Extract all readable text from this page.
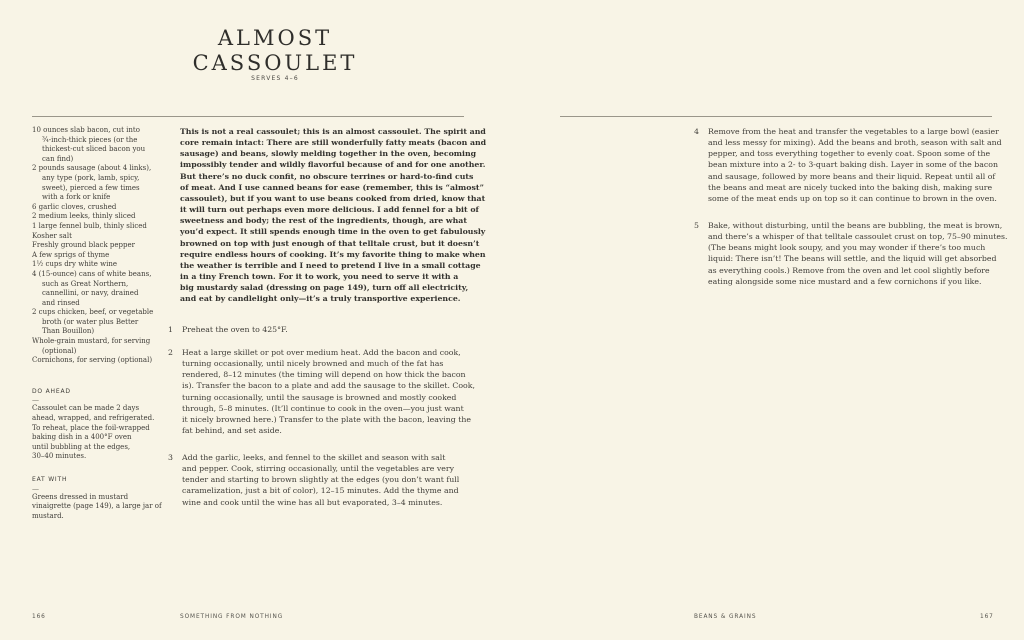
ALMOST
CASSOULET
SERVES 4–6
10 ounces slab bacon, cut into
¾-inch-thick pieces (or the
thickest-cut sliced bacon you
can find)
2 pounds sausage (about 4 links),
any type (pork, lamb, spicy,
sweet), pierced a few times
with a fork or knife
6 garlic cloves, crushed
2 medium leeks, thinly sliced
1 large fennel bulb, thinly sliced
Kosher salt
Freshly ground black pepper
A few sprigs of thyme
1½ cups dry white wine
4 (15-ounce) cans of white beans,
such as Great Northern,
cannellini, or navy, drained
and rinsed
2 cups chicken, beef, or vegetable
broth (or water plus Better
Than Bouillon)
Whole-grain mustard, for serving
(optional)
Cornichons, for serving (optional)
DO AHEAD
—
Cassoulet can be made 2 days
ahead, wrapped, and refrigerated.
To reheat, place the foil-wrapped
baking dish in a 400°F oven
until bubbling at the edges,
30–40 minutes.
EAT WITH
—
Greens dressed in mustard
vinaigrette (page 149), a large jar of
mustard.
This is not a real cassoulet; this is an almost cassoulet. The spirit and
core remain intact: There are still wonderfully fatty meats (bacon and
sausage) and beans, slowly melding together in the oven, becoming
impossibly tender and wildly flavorful because of and for one another.
But there’s no duck confit, no obscure terrines or hard-to-find cuts
of meat. And I use canned beans for ease (remember, this is “almost”
cassoulet), but if you want to use beans cooked from dried, know that
it will turn out perhaps even more delicious. I add fennel for a bit of
sweetness and body; the rest of the ingredients, though, are what
you’d expect. It still spends enough time in the oven to get fabulously
browned on top with just enough of that telltale crust, but it doesn’t
require endless hours of cooking. It’s my favorite thing to make when
the weather is terrible and I need to pretend I live in a small cottage
in a tiny French town. For it to work, you need to serve it with a
big mustardy salad (dressing on page 149), turn off all electricity,
and eat by candlelight only—it’s a truly transportive experience.
1	Preheat the oven to 425°F.
2	Heat a large skillet or pot over medium heat. Add the bacon and cook,
turning occasionally, until nicely browned and much of the fat has
rendered, 8–12 minutes (the timing will depend on how thick the bacon
is). Transfer the bacon to a plate and add the sausage to the skillet. Cook,
turning occasionally, until the sausage is browned and mostly cooked
through, 5–8 minutes. (It’ll continue to cook in the oven—you just want
it nicely browned here.) Transfer to the plate with the bacon, leaving the
fat behind, and set aside.
3	Add the garlic, leeks, and fennel to the skillet and season with salt
and pepper. Cook, stirring occasionally, until the vegetables are very
tender and starting to brown slightly at the edges (you don’t want full
caramelization, just a bit of color), 12–15 minutes. Add the thyme and
wine and cook until the wine has all but evaporated, 3–4 minutes.
4	Remove from the heat and transfer the vegetables to a large bowl (easier
and less messy for mixing). Add the beans and broth, season with salt and
pepper, and toss everything together to evenly coat. Spoon some of the
bean mixture into a 2- to 3-quart baking dish. Layer in some of the bacon
and sausage, followed by more beans and their liquid. Repeat until all of
the beans and meat are nicely tucked into the baking dish, making sure
some of the meat ends up on top so it can continue to brown in the oven.
5	Bake, without disturbing, until the beans are bubbling, the meat is brown,
and there’s a whisper of that telltale cassoulet crust on top, 75–90 minutes.
(The beans might look soupy, and you may wonder if there’s too much
liquid: There isn’t! The beans will settle, and the liquid will get absorbed
as everything cools.) Remove from the oven and let cool slightly before
eating alongside some nice mustard and a few cornichons if you like.
166	SOMETHING FROM NOTHING	BEANS & GRAINS	167
